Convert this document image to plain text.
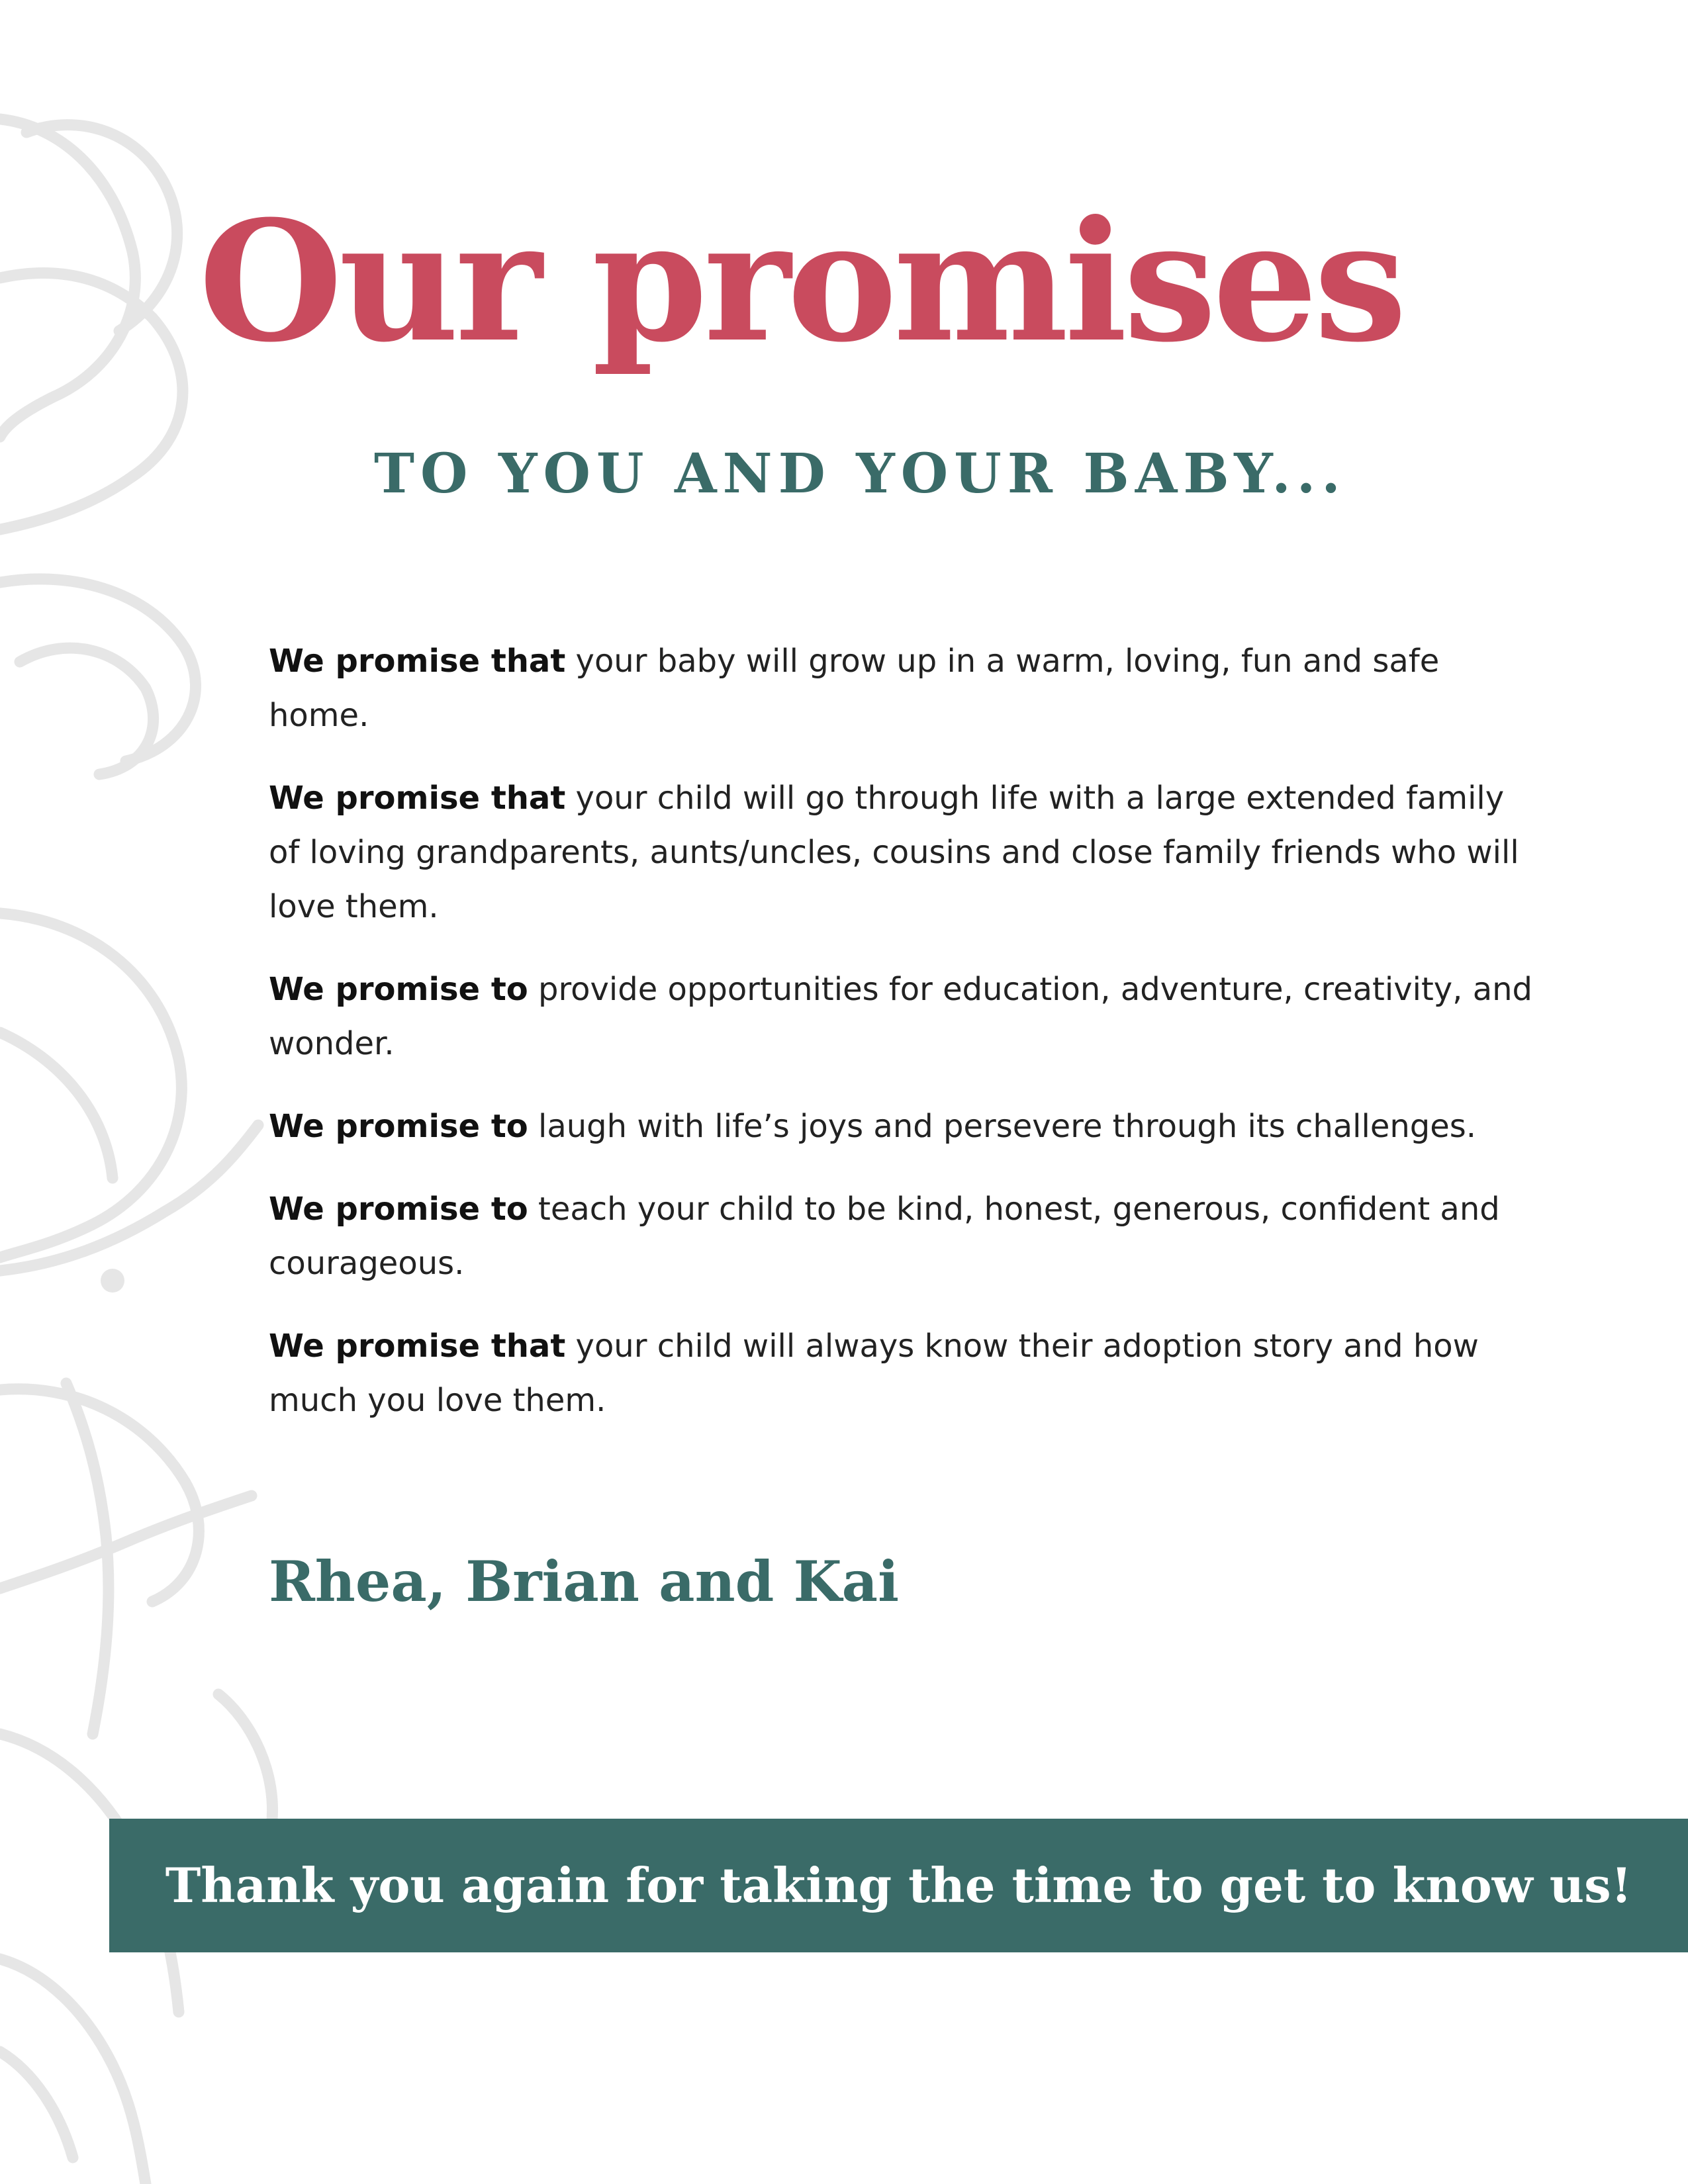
Our promises
TO YOU AND YOUR BABY...

We promise that your baby will grow up in a warm, loving, fun and safe home.

We promise that your child will go through life with a large extended family of loving grandparents, aunts/uncles, cousins and close family friends who will love them.

We promise to provide opportunities for education, adventure, creativity, and wonder.

We promise to laugh with life’s joys and persevere through its challenges.

We promise to teach your child to be kind, honest, generous, confident and courageous.

We promise that your child will always know their adoption story and how much you love them.

Rhea, Brian and Kai

Thank you again for taking the time to get to know us!
